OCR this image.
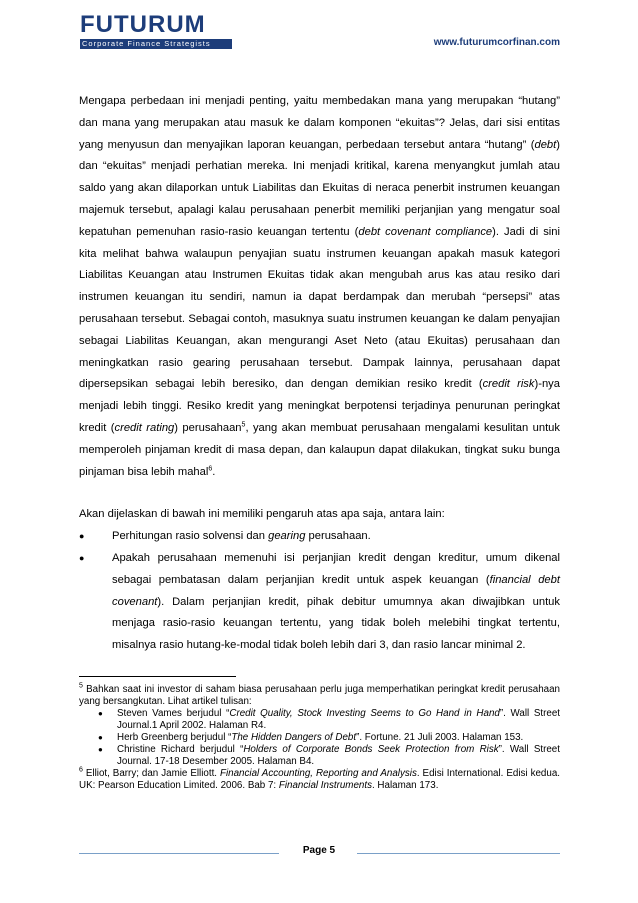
FUTURUM
Corporate Finance Strategists	www.futurumcorfinan.com

Mengapa perbedaan ini menjadi penting, yaitu membedakan mana yang merupakan “hutang” dan mana yang merupakan atau masuk ke dalam komponen “ekuitas”? Jelas, dari sisi entitas yang menyusun dan menyajikan laporan keuangan, perbedaan tersebut antara “hutang” (debt) dan “ekuitas” menjadi perhatian mereka. Ini menjadi kritikal, karena menyangkut jumlah atau saldo yang akan dilaporkan untuk Liabilitas dan Ekuitas di neraca penerbit instrumen keuangan majemuk tersebut, apalagi kalau perusahaan penerbit memiliki perjanjian yang mengatur soal kepatuhan pemenuhan rasio-rasio keuangan tertentu (debt covenant compliance). Jadi di sini kita melihat bahwa walaupun penyajian suatu instrumen keuangan apakah masuk kategori Liabilitas Keuangan atau Instrumen Ekuitas tidak akan mengubah arus kas atau resiko dari instrumen keuangan itu sendiri, namun ia dapat berdampak dan merubah “persepsi” atas perusahaan tersebut. Sebagai contoh, masuknya suatu instrumen keuangan ke dalam penyajian sebagai Liabilitas Keuangan, akan mengurangi Aset Neto (atau Ekuitas) perusahaan dan meningkatkan rasio gearing perusahaan tersebut. Dampak lainnya, perusahaan dapat dipersepsikan sebagai lebih beresiko, dan dengan demikian resiko kredit (credit risk)-nya menjadi lebih tinggi. Resiko kredit yang meningkat berpotensi terjadinya penurunan peringkat kredit (credit rating) perusahaan$^5$, yang akan membuat perusahaan mengalami kesulitan untuk memperoleh pinjaman kredit di masa depan, dan kalaupun dapat dilakukan, tingkat suku bunga pinjaman bisa lebih mahal$^6$.

Akan dijelaskan di bawah ini memiliki pengaruh atas apa saja, antara lain:

● Perhitungan rasio solvensi dan gearing perusahaan.
● Apakah perusahaan memenuhi isi perjanjian kredit dengan kreditur, umum dikenal sebagai pembatasan dalam perjanjian kredit untuk aspek keuangan (financial debt covenant). Dalam perjanjian kredit, pihak debitur umumnya akan diwajibkan untuk menjaga rasio-rasio keuangan tertentu, yang tidak boleh melebihi tingkat tertentu, misalnya rasio hutang-ke-modal tidak boleh lebih dari 3, dan rasio lancar minimal 2.

$^5$ Bahkan saat ini investor di saham biasa perusahaan perlu juga memperhatikan peringkat kredit perusahaan yang bersangkutan. Lihat artikel tulisan:

● Steven Vames berjudul “Credit Quality, Stock Investing Seems to Go Hand in Hand”. Wall Street Journal.1 April 2002. Halaman R4.
● Herb Greenberg berjudul “The Hidden Dangers of Debt”. Fortune. 21 Juli 2003. Halaman 153.
● Christine Richard berjudul “Holders of Corporate Bonds Seek Protection from Risk”. Wall Street Journal. 17-18 Desember 2005. Halaman B4.

$^6$ Elliot, Barry; dan Jamie Elliott. Financial Accounting, Reporting and Analysis. Edisi International. Edisi kedua. UK: Pearson Education Limited. 2006. Bab 7: Financial Instruments. Halaman 173.

Page 5
